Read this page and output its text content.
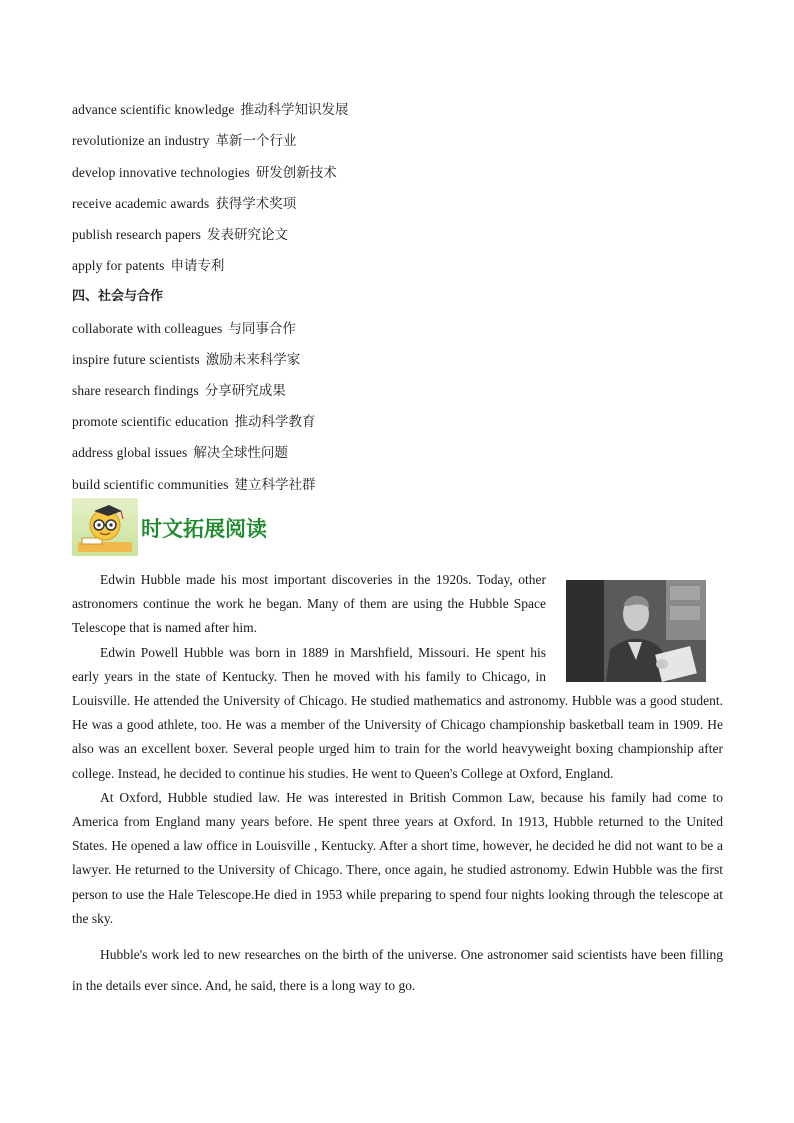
advance scientific knowledge 推动科学知识发展
revolutionize an industry 革新一个行业
develop innovative technologies 研发创新技术
receive academic awards 获得学术奖项
publish research papers 发表研究论文
apply for patents 申请专利
四、社会与合作
collaborate with colleagues 与同事合作
inspire future scientists 激励未来科学家
share research findings 分享研究成果
promote scientific education 推动科学教育
address global issues 解决全球性问题
build scientific communities 建立科学社群
时文拓展阅读

Edwin Hubble made his most important discoveries in the 1920s. Today, other astronomers continue the work he began. Many of them are using the Hubble Space Telescope that is named after him.

Edwin Powell Hubble was born in 1889 in Marshfield, Missouri. He spent his early years in the state of Kentucky. Then he moved with his family to Chicago, in Louisville. He attended the University of Chicago. He studied mathematics and astronomy. Hubble was a good student. He was a good athlete, too. He was a member of the University of Chicago championship basketball team in 1909. He also was an excellent boxer. Several people urged him to train for the world heavyweight boxing championship after college. Instead, he decided to continue his studies. He went to Queen's College at Oxford, England.

At Oxford, Hubble studied law. He was interested in British Common Law, because his family had come to America from England many years before. He spent three years at Oxford. In 1913, Hubble returned to the United States. He opened a law office in Louisville , Kentucky. After a short time, however, he decided he did not want to be a lawyer. He returned to the University of Chicago. There, once again, he studied astronomy. Edwin Hubble was the first person to use the Hale Telescope.He died in 1953 while preparing to spend four nights looking through the telescope at the sky.

Hubble's work led to new researches on the birth of the universe. One astronomer said scientists have been filling in the details ever since. And, he said, there is a long way to go.
